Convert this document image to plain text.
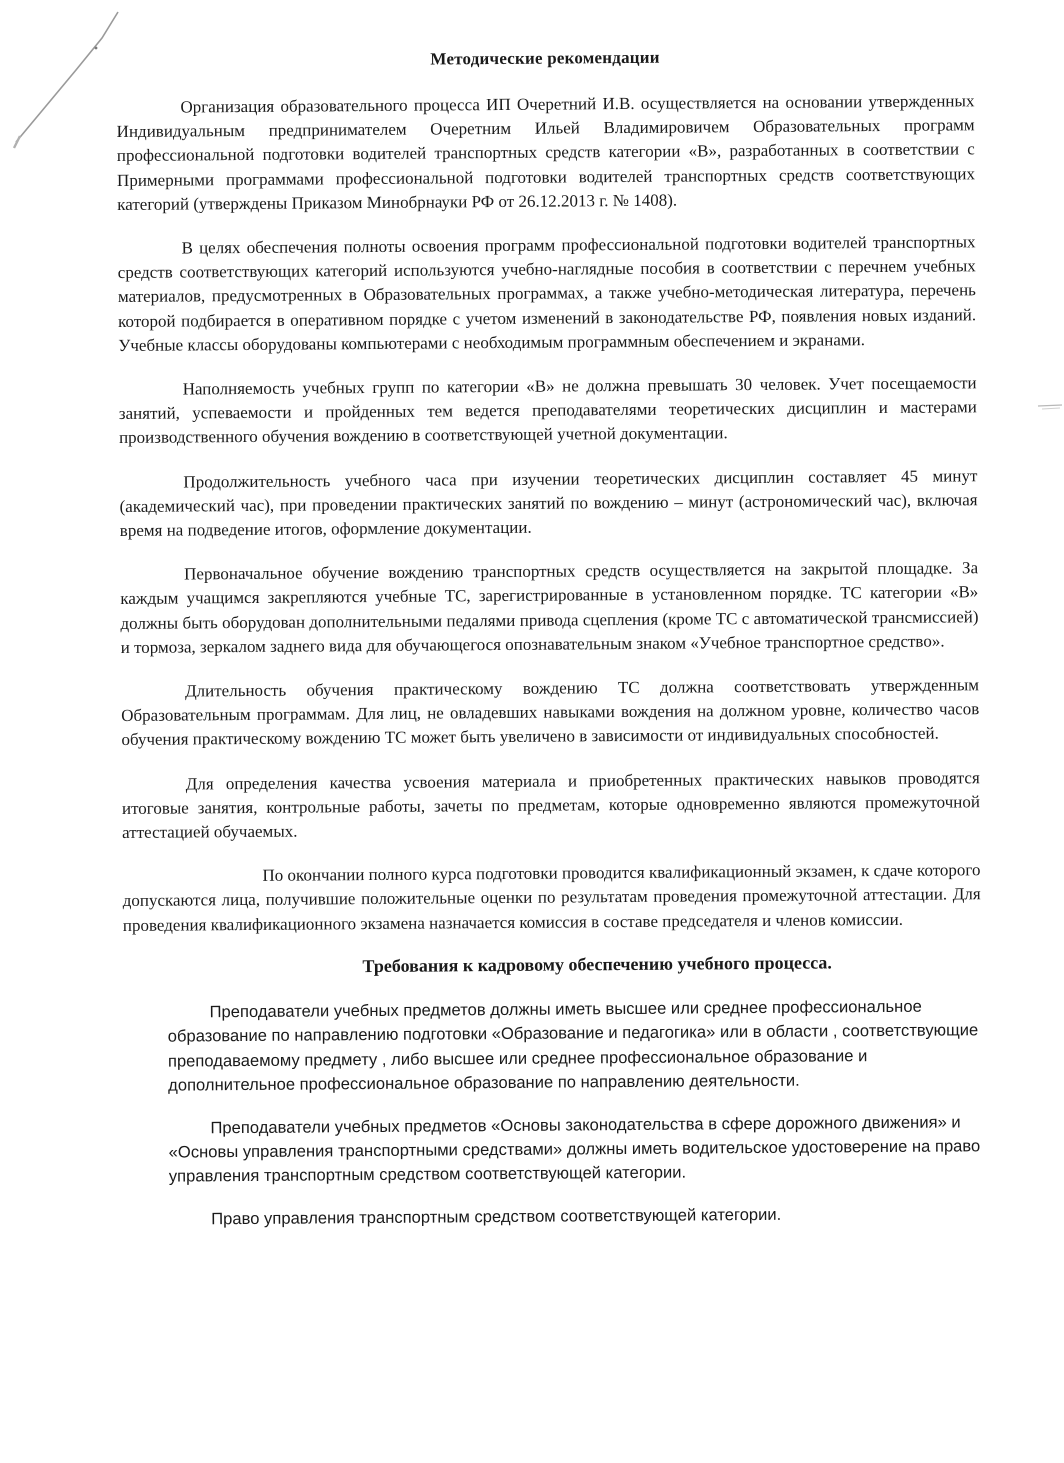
Методические рекомендации

Организация образовательного процесса ИП Очеретний И.В. осуществляется на основании утвержденных Индивидуальным предпринимателем Очеретним Ильей Владимировичем Образовательных программ профессиональной подготовки водителей транспортных средств категории «В», разработанных в соответствии с Примерными программами профессиональной подготовки водителей транспортных средств соответствующих категорий (утверждены Приказом Минобрнауки РФ от 26.12.2013 г. № 1408).

В целях обеспечения полноты освоения программ профессиональной подготовки водителей транспортных средств соответствующих категорий используются учебно-наглядные пособия в соответствии с перечнем учебных материалов, предусмотренных в Образовательных программах, а также учебно-методическая литература, перечень которой подбирается в оперативном порядке с учетом изменений в законодательстве РФ, появления новых изданий. Учебные классы оборудованы компьютерами с необходимым программным обеспечением и экранами.

Наполняемость учебных групп по категории «В» не должна превышать 30 человек. Учет посещаемости занятий, успеваемости и пройденных тем ведется преподавателями теоретических дисциплин и мастерами производственного обучения вождению в соответствующей учетной документации.

Продолжительность учебного часа при изучении теоретических дисциплин составляет 45 минут (академический час), при проведении практических занятий по вождению – минут (астрономический час), включая время на подведение итогов, оформление документации.

Первоначальное обучение вождению транспортных средств осуществляется на закрытой площадке. За каждым учащимся закрепляются учебные ТС, зарегистрированные в установленном порядке. ТС категории «В» должны быть оборудован дополнительными педалями привода сцепления (кроме ТС с автоматической трансмиссией) и тормоза, зеркалом заднего вида для обучающегося опознавательным знаком «Учебное транспортное средство».

Длительность обучения практическому вождению ТС должна соответствовать утвержденным Образовательным программам. Для лиц, не овладевших навыками вождения на должном уровне, количество часов обучения практическому вождению ТС может быть увеличено в зависимости от индивидуальных способностей.

Для определения качества усвоения материала и приобретенных практических навыков проводятся итоговые занятия, контрольные работы, зачеты по предметам, которые одновременно являются промежуточной аттестацией обучаемых.

По окончании полного курса подготовки проводится квалификационный экзамен, к сдаче которого допускаются лица, получившие положительные оценки по результатам проведения промежуточной аттестации. Для проведения квалификационного экзамена назначается комиссия в составе председателя и членов комиссии.

Требования к кадровому обеспечению учебного процесса.

Преподаватели учебных предметов должны иметь высшее или среднее профессиональное образование по направлению подготовки «Образование и педагогика» или в области , соответствующие преподаваемому предмету , либо высшее или среднее профессиональное образование и дополнительное профессиональное образование по направлению деятельности.

Преподаватели учебных предметов «Основы законодательства в сфере дорожного движения» и «Основы управления транспортными средствами» должны иметь водительское удостоверение на право управления транспортным средством соответствующей категории.

Право управления транспортным средством соответствующей категории.
